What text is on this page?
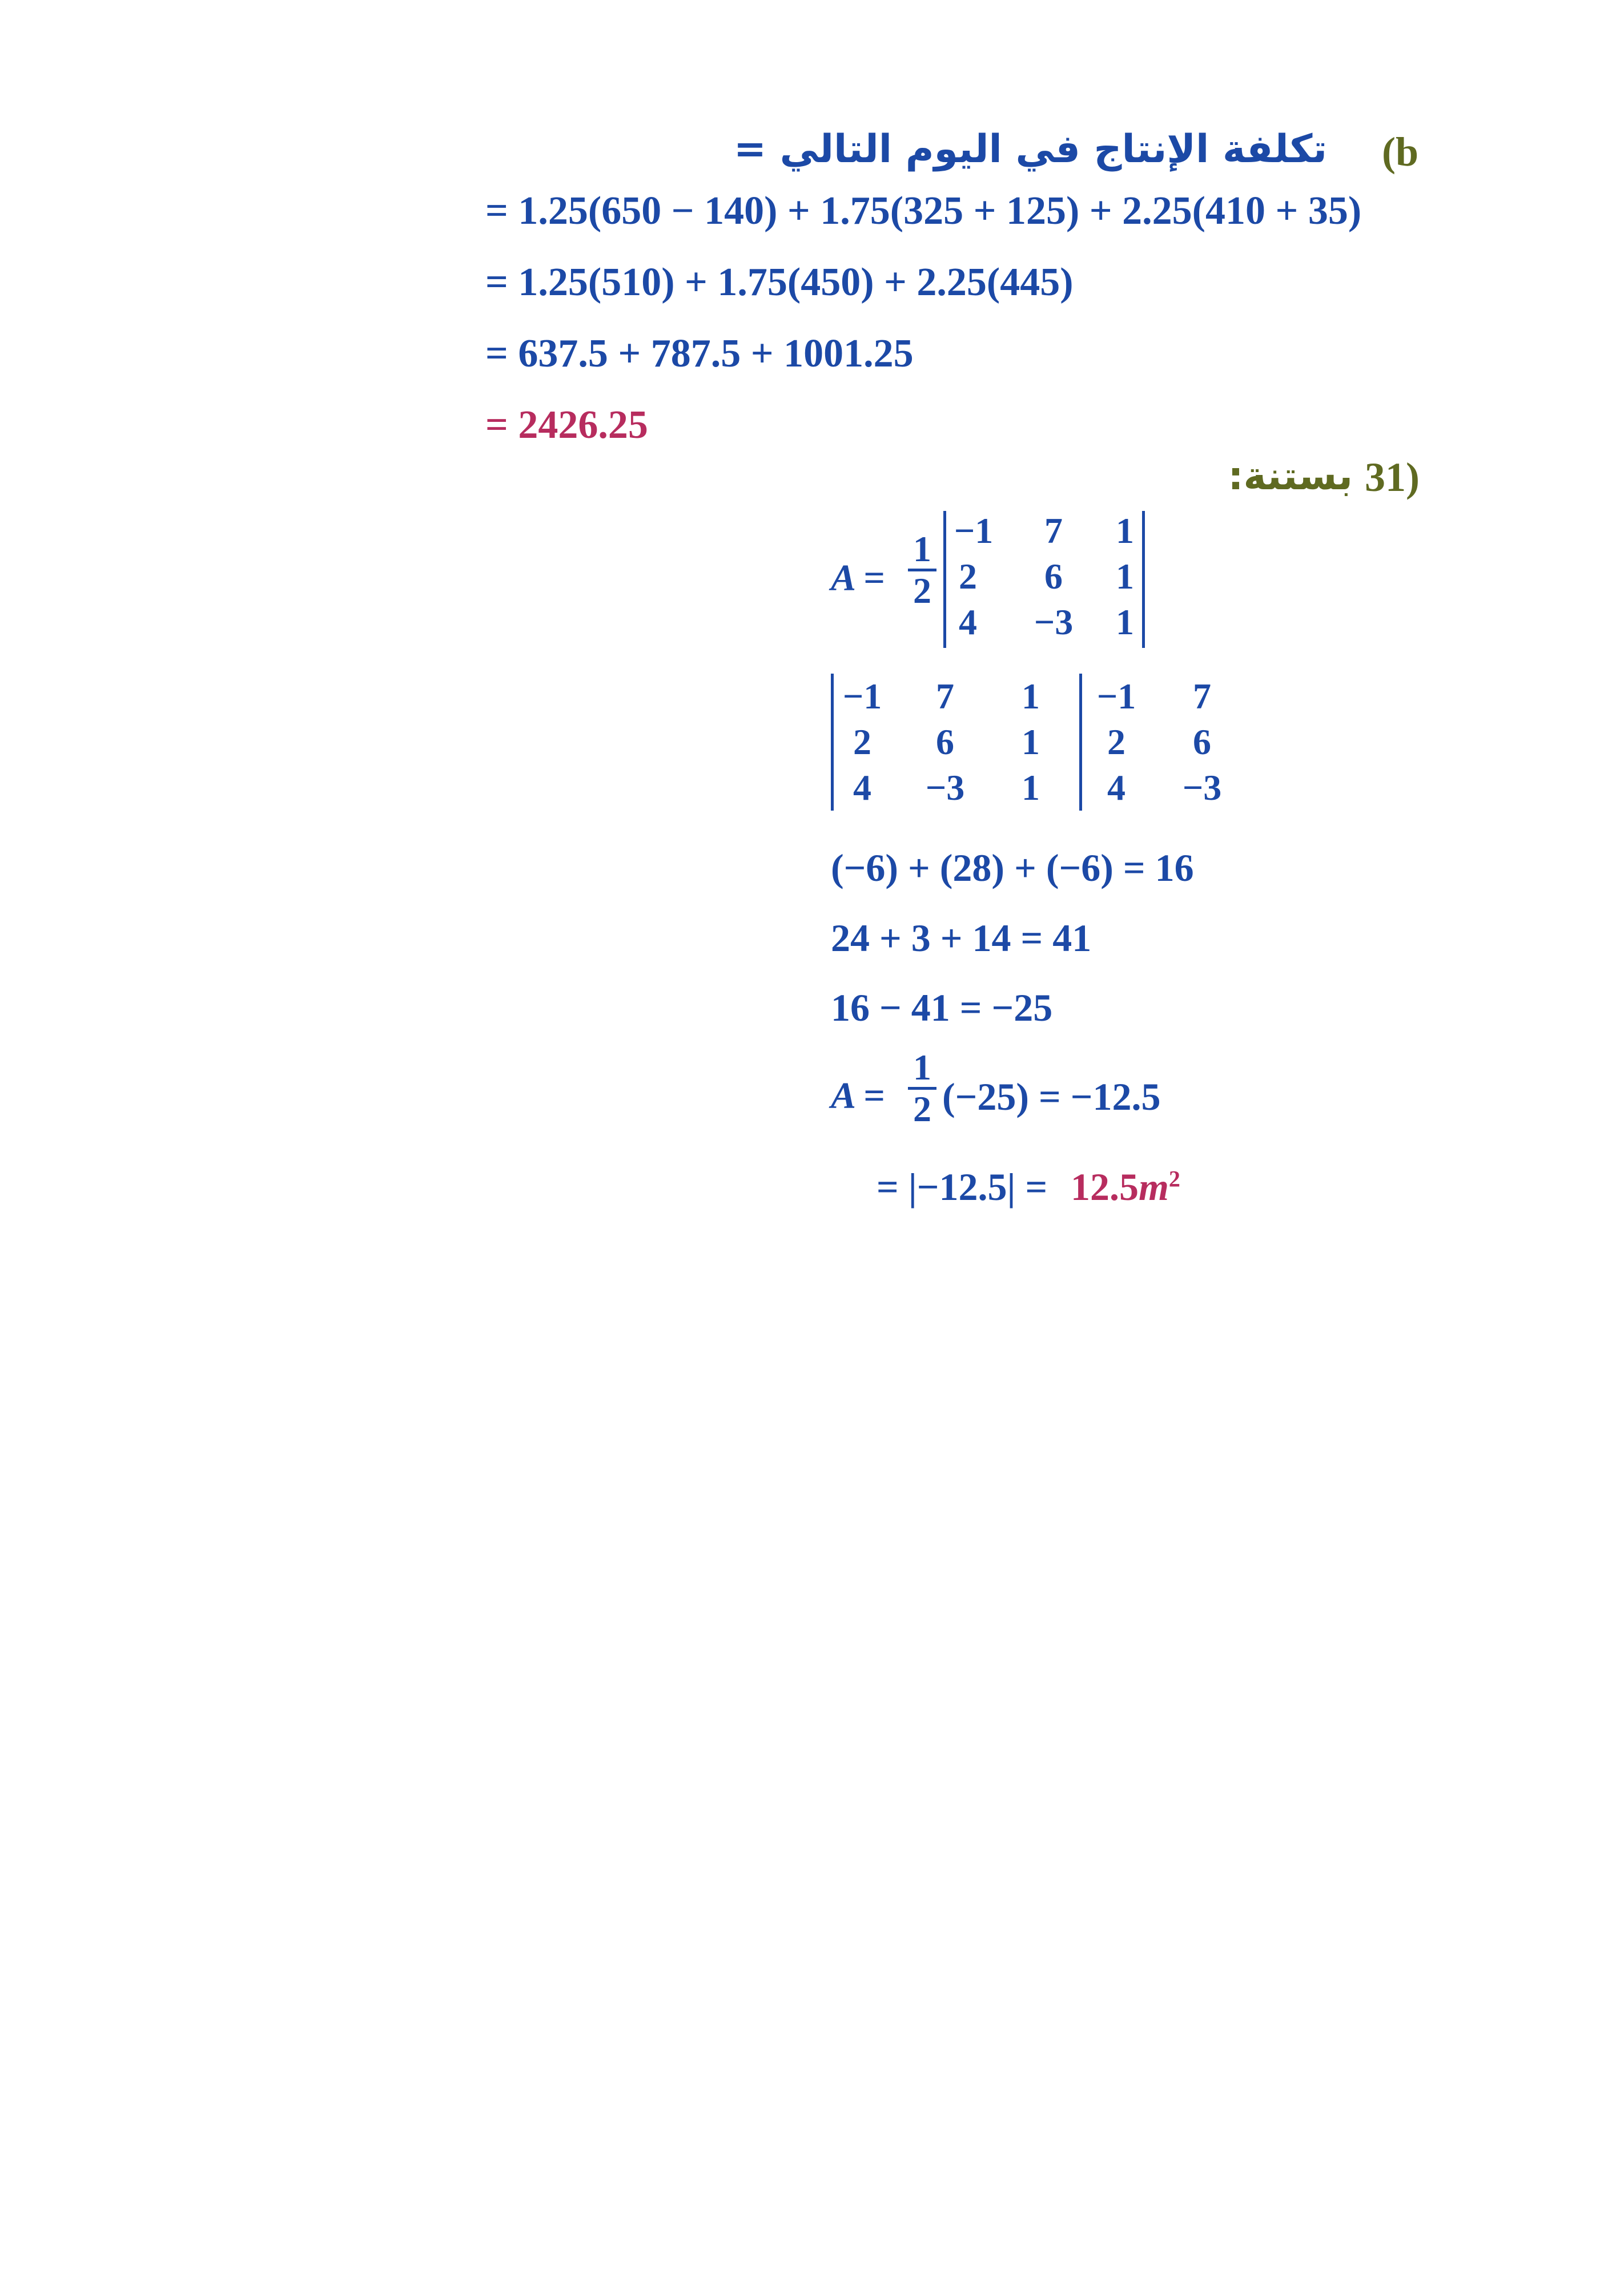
(b
تكلفة الإنتاج في اليوم التالي =
= 1.25(650 − 140) + 1.75(325 + 125) + 2.25(410 + 35)
= 1.25(510) + 1.75(450) + 2.25(445)
= 637.5 + 787.5 + 1001.25
= 2426.25
31)
بستنة:
A =
1
2
−1	7	1
2	6	1
4	−3	1
−1	7	1	−1	7
2	6	1	2	6
4	−3	1	4	−3
(−6) + (28) + (−6) = 16
24 + 3 + 14 = 41
16 − 41 = −25
A =
1
2 (−25) = −12.5
= $|-12.5| = 12.5m^2$
